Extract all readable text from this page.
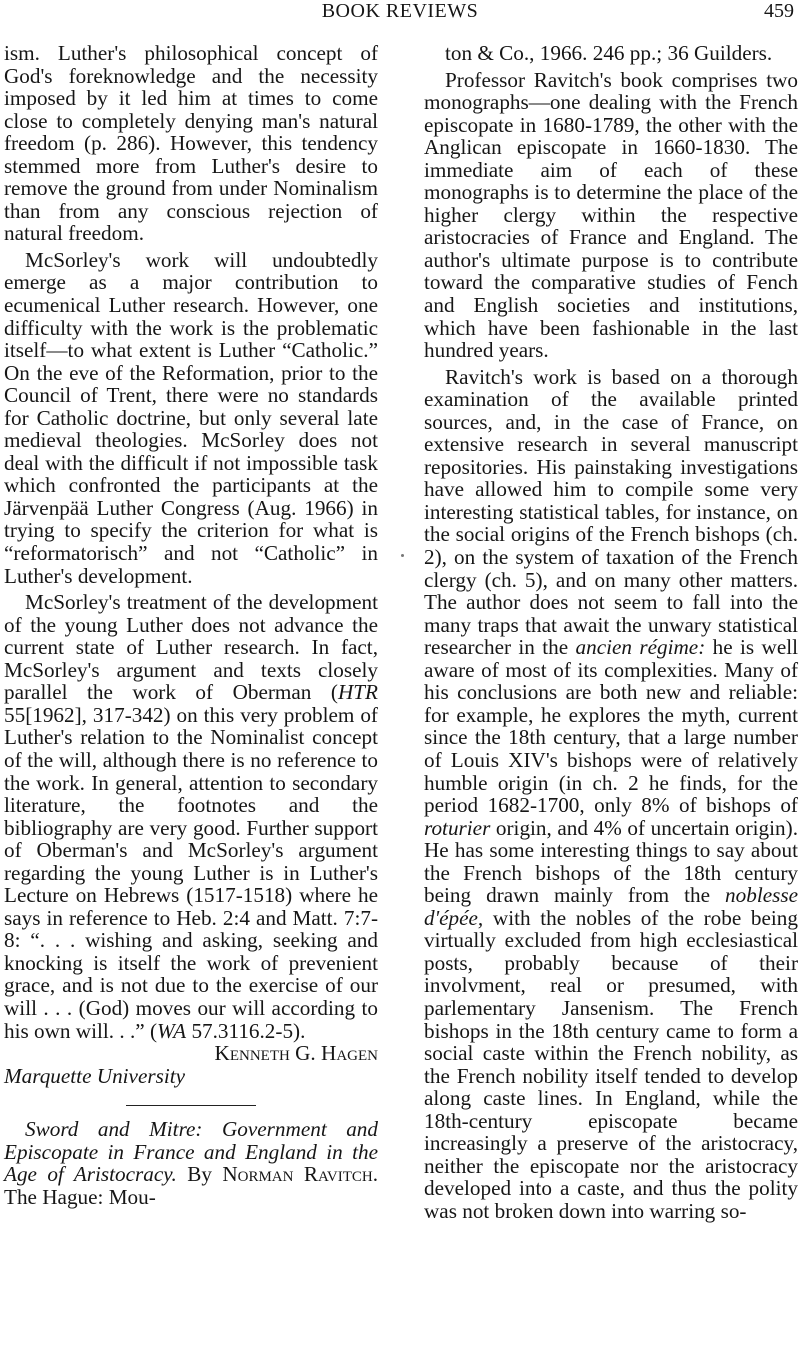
BOOK REVIEWS	459

ism. Luther's philosophical concept of God's foreknowledge and the necessity imposed by it led him at times to come close to completely denying man's natural freedom (p. 286). However, this tendency stemmed more from Luther's desire to remove the ground from under Nominalism than from any conscious rejection of natural freedom.

McSorley's work will undoubtedly emerge as a major contribution to ecumenical Luther research. However, one difficulty with the work is the problematic itself—to what extent is Luther “Catholic.” On the eve of the Reformation, prior to the Council of Trent, there were no standards for Catholic doctrine, but only several late medieval theologies. McSorley does not deal with the difficult if not impossible task which confronted the participants at the Järvenpää Luther Congress (Aug. 1966) in trying to specify the criterion for what is “reformatorisch” and not “Catholic” in Luther's development.

McSorley's treatment of the development of the young Luther does not advance the current state of Luther research. In fact, McSorley's argument and texts closely parallel the work of Oberman (HTR 55[1962], 317-342) on this very problem of Luther's relation to the Nominalist concept of the will, although there is no reference to the work. In general, attention to secondary literature, the footnotes and the bibliography are very good. Further support of Oberman's and McSorley's argument regarding the young Luther is in Luther's Lecture on Hebrews (1517-1518) where he says in reference to Heb. 2:4 and Matt. 7:7-8: “. . . wishing and asking, seeking and knocking is itself the work of prevenient grace, and is not due to the exercise of our will . . . (God) moves our will according to his own will. . .” (WA 57.3116.2-5).

Kenneth G. Hagen

Marquette University

Sword and Mitre: Government and Episcopate in France and England in the Age of Aristocracy. By Norman Ravitch. The Hague: Mou-

ton & Co., 1966. 246 pp.; 36 Guilders.

Professor Ravitch's book comprises two monographs—one dealing with the French episcopate in 1680-1789, the other with the Anglican episcopate in 1660-1830. The immediate aim of each of these monographs is to determine the place of the higher clergy within the respective aristocracies of France and England. The author's ultimate purpose is to contribute toward the comparative studies of Fench and English societies and institutions, which have been fashionable in the last hundred years.

Ravitch's work is based on a thorough examination of the available printed sources, and, in the case of France, on extensive research in several manuscript repositories. His painstaking investigations have allowed him to compile some very interesting statistical tables, for instance, on the social origins of the French bishops (ch. 2), on the system of taxation of the French clergy (ch. 5), and on many other matters. The author does not seem to fall into the many traps that await the unwary statistical researcher in the ancien régime: he is well aware of most of its complexities. Many of his conclusions are both new and reliable: for example, he explores the myth, current since the 18th century, that a large number of Louis XIV's bishops were of relatively humble origin (in ch. 2 he finds, for the period 1682-1700, only 8% of bishops of roturier origin, and 4% of uncertain origin). He has some interesting things to say about the French bishops of the 18th century being drawn mainly from the noblesse d'épée, with the nobles of the robe being virtually excluded from high ecclesiastical posts, probably because of their involvment, real or presumed, with parlementary Jansenism. The French bishops in the 18th century came to form a social caste within the French nobility, as the French nobility itself tended to develop along caste lines. In England, while the 18th-century episcopate became increasingly a preserve of the aristocracy, neither the episcopate nor the aristocracy developed into a caste, and thus the polity was not broken down into warring so-
